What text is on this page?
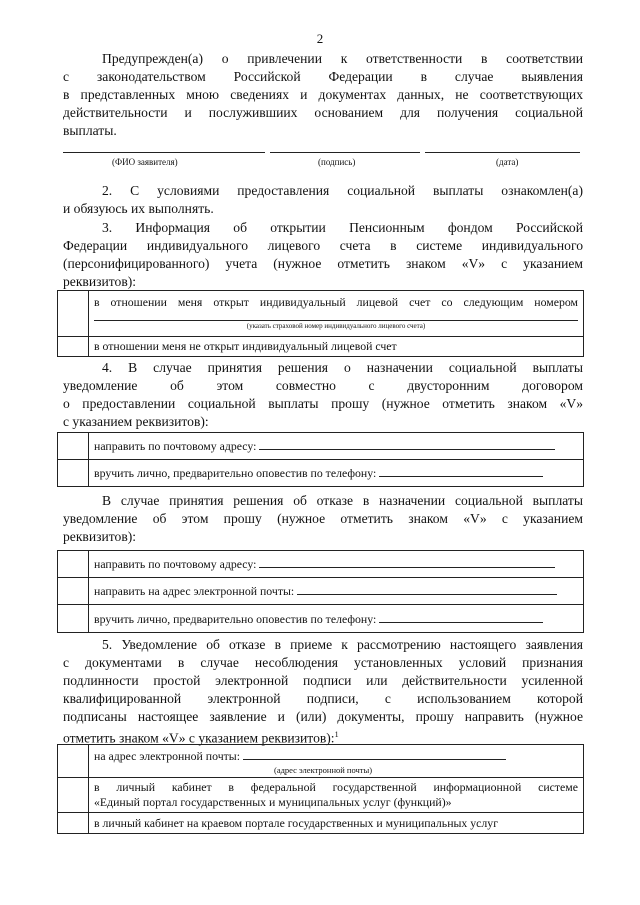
2
Предупрежден(а) о привлечении к ответственности в соответствии
с законодательством Российской Федерации в случае выявления
в представленных мною сведениях и документах данных, не соответствующих
действительности и послужившиих основанием для получения социальной
выплаты.
(ФИО заявителя)	(подпись)	(дата)
2. С условиями предоставления социальной выплаты ознакомлен(а)
и обязуюсь их выполнять.
3. Информация об открытии Пенсионным фондом Российской
Федерации индивидуального лицевого счета в системе индивидуального
(персонифицированного) учета (нужное отметить знаком «V» с указанием
реквизитов):

	в отношении меня открыт индивидуальный лицевой счет со следующим номером
(указать страховой номер индивидуального лицевого счета)

	в отношении меня не открыт индивидуальный лицевой счет
4. В случае принятия решения о назначении социальной выплаты
уведомление об этом совместно с двусторонним договором
о предоставлении социальной выплаты прошу (нужное отметить знаком «V»
с указанием реквизитов):
	направить по почтовому адресу:
	вручить лично, предварительно оповестив по телефону:
В случае принятия решения об отказе в назначении социальной выплаты
уведомление об этом прошу (нужное отметить знаком «V» с указанием
реквизитов):
	направить по почтовому адресу:
	направить на адрес электронной почты:
	вручить лично, предварительно оповестив по телефону:
5. Уведомление об отказе в приеме к рассмотрению настоящего заявления
с документами в случае несоблюдения установленных условий признания
подлинности простой электронной подписи или действительности усиленной
квалифицированной электронной подписи, с использованием которой
подписаны настоящее заявление и (или) документы, прошу направить (нужное
отметить знаком «V» с указанием реквизитов):$^1$
	на адрес электронной почты:
(адрес электронной почты)

	в личный кабинет в федеральной государственной информационной системе
«Единый портал государственных и муниципальных услуг (функций)»

	в личный кабинет на краевом портале государственных и муниципальных услуг
